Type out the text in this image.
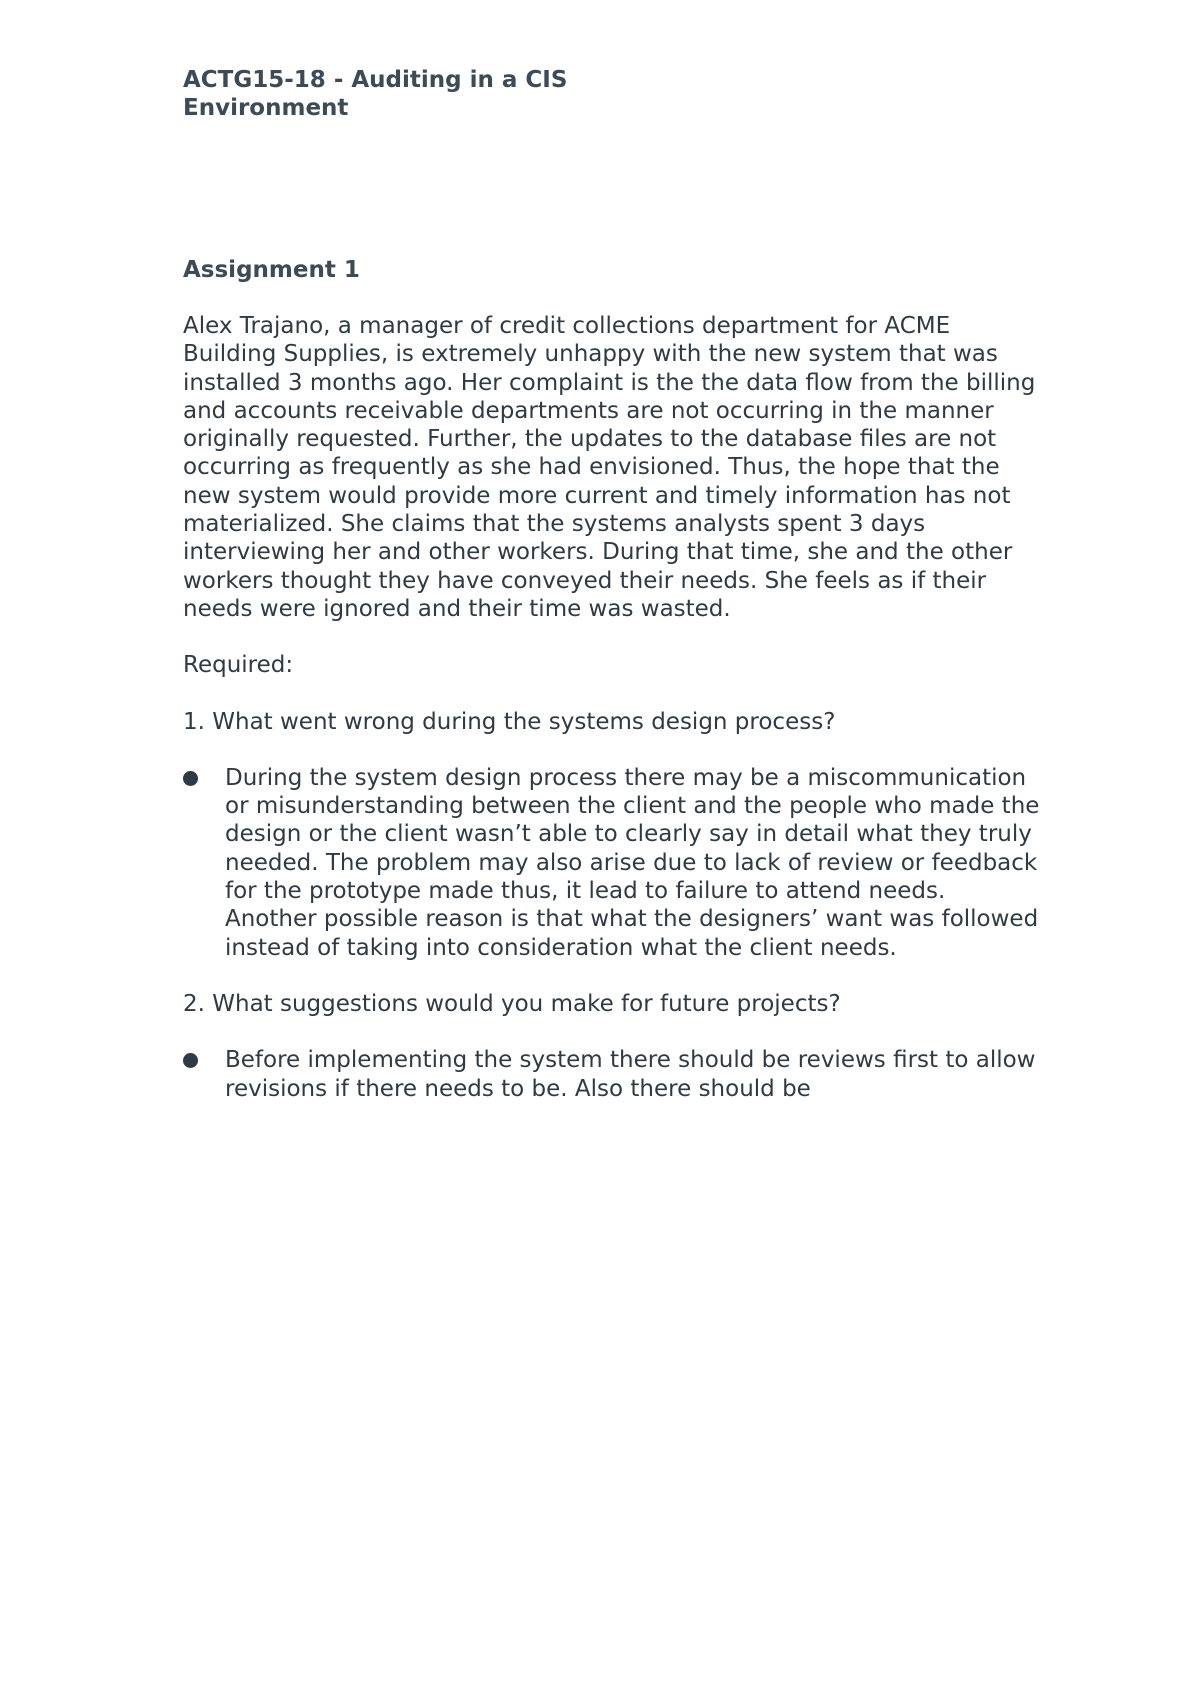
ACTG15-18 - Auditing in a CIS
Environment
Assignment 1

Alex Trajano, a manager of credit collections department for ACME Building Supplies, is extremely unhappy with the new system that was installed 3 months ago. Her complaint is the the data flow from the billing and accounts receivable departments are not occurring in the manner originally requested. Further, the updates to the database files are not occurring as frequently as she had envisioned. Thus, the hope that the new system would provide more current and timely information has not materialized. She claims that the systems analysts spent 3 days interviewing her and other workers. During that time, she and the other workers thought they have conveyed their needs. She feels as if their needs were ignored and their time was wasted.

Required:

1. What went wrong during the systems design process?

During the system design process there may be a miscommunication or misunderstanding between the client and the people who made the design or the client wasn’t able to clearly say in detail what they truly needed. The problem may also arise due to lack of review or feedback for the prototype made thus, it lead to failure to attend needs. Another possible reason is that what the designers’ want was followed instead of taking into consideration what the client needs.

2. What suggestions would you make for future projects?

Before implementing the system there should be reviews first to allow revisions if there needs to be. Also there should be
